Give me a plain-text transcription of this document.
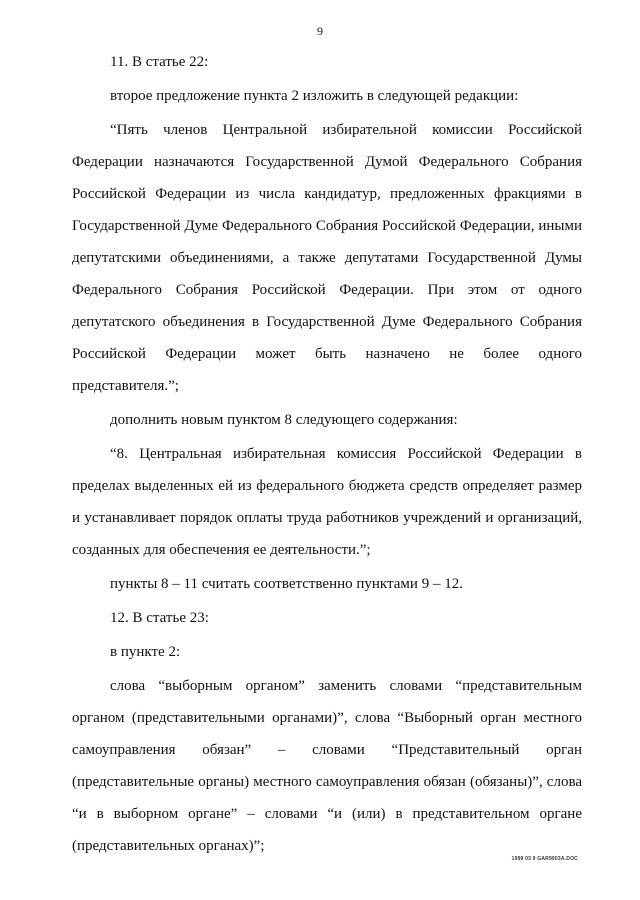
9

11. В статье 22:

второе предложение пункта 2 изложить в следующей редакции:

“Пять членов Центральной избирательной комиссии Российской Федерации назначаются Государственной Думой Федерального Собрания Российской Федерации из числа кандидатур, предложенных фракциями в Государственной Думе Федерального Собрания Российской Федерации, иными депутатскими объединениями, а также депутатами Государственной Думы Федерального Собрания Российской Федерации. При этом от одного депутатского объединения в Государственной Думе Федерального Собрания Российской Федерации может быть назначено не более одного представителя.”;

дополнить новым пунктом 8 следующего содержания:

“8. Центральная избирательная комиссия Российской Федерации в пределах выделенных ей из федерального бюджета средств определяет размер и устанавливает порядок оплаты труда работников учреждений и организаций, созданных для обеспечения ее деятельности.”;

пункты 8 – 11 считать соответственно пунктами 9 – 12.

12. В статье 23:

в пункте 2:

слова “выборным органом” заменить словами “представительным органом (представительными органами)”, слова “Выборный орган местного самоуправления обязан” – словами “Представительный орган (представительные органы) местного самоуправления обязан (обязаны)”, слова “и в выборном органе” – словами “и (или) в представительном органе (представительных органах)”;

1999 03 9 GAR9903A.DOC
